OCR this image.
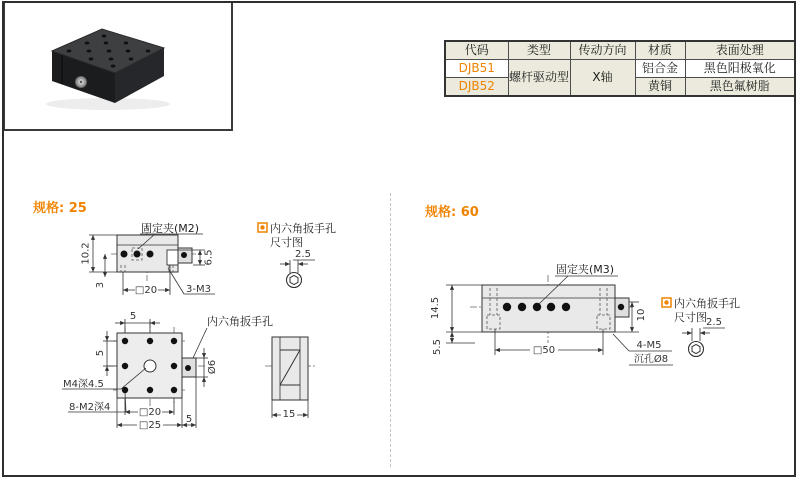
代码	类型	传动方向	材质	表面处理
DJB51	螺杆驱动型	X轴	铝合金	黑色阳极氧化
DJB52			黄铜	黑色氟树脂
规格: 25	规格: 60
10.2
3	□20	3-M3
6.5
固定夹(M2)	内六角扳手孔
尺寸图
2.5
5
5
Ø6
□20
□25
5
M4深4.5
8-M2深4
内六角扳手孔
15
固定夹(M3)
14.5
5.5	□50
10
4-M5
沉孔Ø8
内六角扳手孔
尺寸图 2.5
